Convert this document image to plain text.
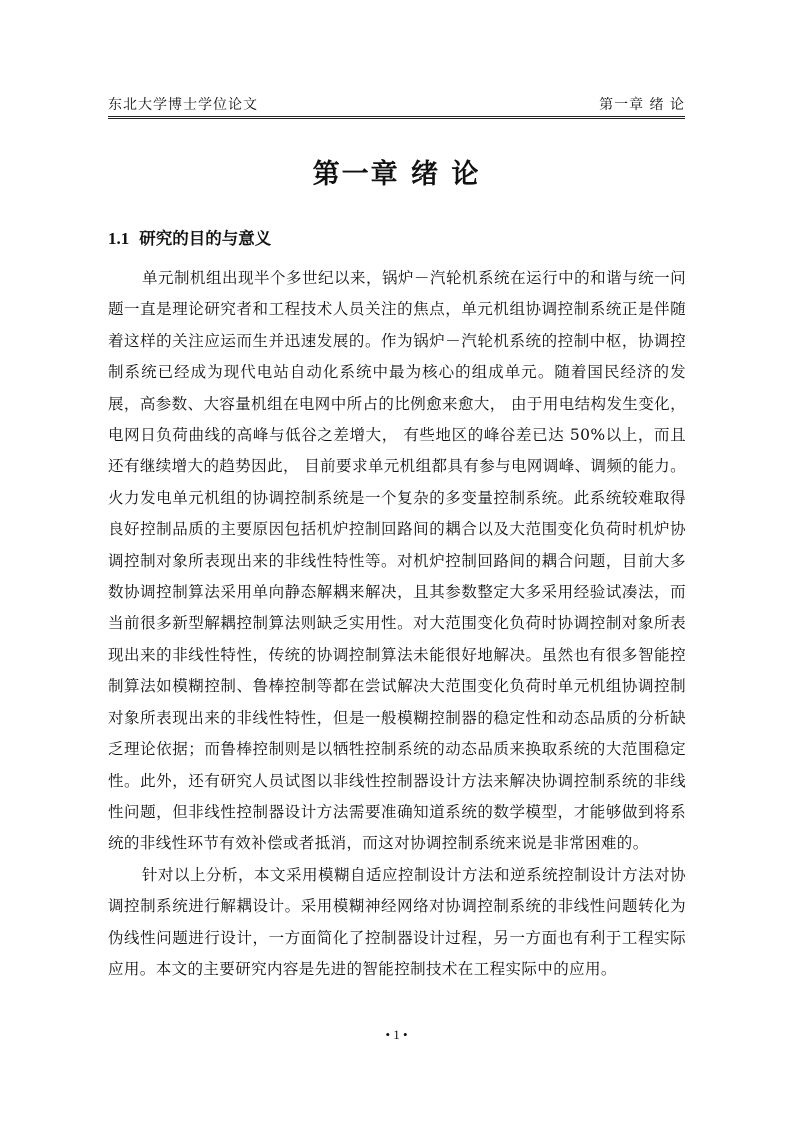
东北大学博士学位论文	第一章 绪 论
第一章 绪 论
1.1 研究的目的与意义

单元制机组出现半个多世纪以来，锅炉－汽轮机系统在运行中的和谐与统一问题一直是理论研究者和工程技术人员关注的焦点，单元机组协调控制系统正是伴随着这样的关注应运而生并迅速发展的。作为锅炉－汽轮机系统的控制中枢，协调控制系统已经成为现代电站自动化系统中最为核心的组成单元。随着国民经济的发展，高参数、大容量机组在电网中所占的比例愈来愈大， 由于用电结构发生变化， 电网日负荷曲线的高峰与低谷之差增大， 有些地区的峰谷差已达 50%以上，而且还有继续增大的趋势因此， 目前要求单元机组都具有参与电网调峰、调频的能力。火力发电单元机组的协调控制系统是一个复杂的多变量控制系统。此系统较难取得良好控制品质的主要原因包括机炉控制回路间的耦合以及大范围变化负荷时机炉协调控制对象所表现出来的非线性特性等。对机炉控制回路间的耦合问题，目前大多数协调控制算法采用单向静态解耦来解决，且其参数整定大多采用经验试凑法，而当前很多新型解耦控制算法则缺乏实用性。对大范围变化负荷时协调控制对象所表现出来的非线性特性，传统的协调控制算法未能很好地解决。虽然也有很多智能控制算法如模糊控制、鲁棒控制等都在尝试解决大范围变化负荷时单元机组协调控制对象所表现出来的非线性特性，但是一般模糊控制器的稳定性和动态品质的分析缺乏理论依据；而鲁棒控制则是以牺牲控制系统的动态品质来换取系统的大范围稳定性。此外，还有研究人员试图以非线性控制器设计方法来解决协调控制系统的非线性问题，但非线性控制器设计方法需要准确知道系统的数学模型，才能够做到将系统的非线性环节有效补偿或者抵消，而这对协调控制系统来说是非常困难的。

针对以上分析，本文采用模糊自适应控制设计方法和逆系统控制设计方法对协调控制系统进行解耦设计。采用模糊神经网络对协调控制系统的非线性问题转化为伪线性问题进行设计，一方面简化了控制器设计过程，另一方面也有利于工程实际应用。本文的主要研究内容是先进的智能控制技术在工程实际中的应用。

• 1 •
